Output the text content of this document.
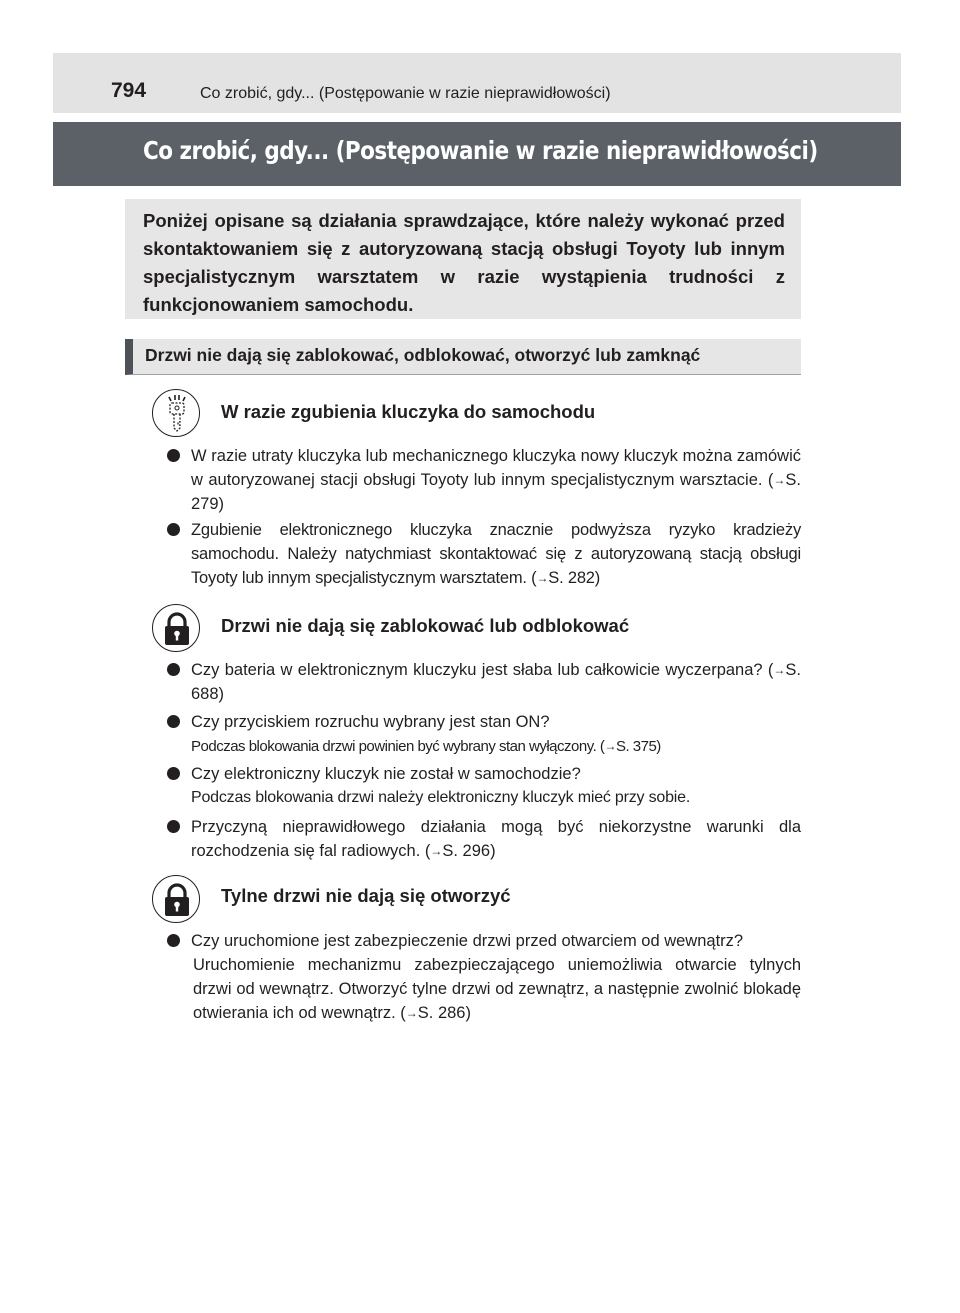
794	Co zrobić, gdy... (Postępowanie w razie nieprawidłowości)
Co zrobić, gdy... (Postępowanie w razie nieprawidłowości)

Poniżej opisane są działania sprawdzające, które należy wykonać przed skontaktowaniem się z autoryzowaną stacją obsługi Toyoty lub innym specjalistycznym warsztatem w razie wystąpienia trudności z funkcjonowaniem samochodu.

Drzwi nie dają się zablokować, odblokować, otworzyć lub zamknąć
W razie zgubienia kluczyka do samochodu

W razie utraty kluczyka lub mechanicznego kluczyka nowy kluczyk można zamówić w autoryzowanej stacji obsługi Toyoty lub innym specjalistycznym warsztacie. (→S. 279)

Zgubienie elektronicznego kluczyka znacznie podwyższa ryzyko kradzieży samochodu. Należy natychmiast skontaktować się z autoryzowaną stacją obsługi Toyoty lub innym specjalistycznym warsztatem. (→S. 282)

Drzwi nie dają się zablokować lub odblokować

Czy bateria w elektronicznym kluczyku jest słaba lub całkowicie wyczerpana? (→S. 688)

Czy przyciskiem rozruchu wybrany jest stan ON?

Podczas blokowania drzwi powinien być wybrany stan wyłączony. (→S. 375)

Czy elektroniczny kluczyk nie został w samochodzie?

Podczas blokowania drzwi należy elektroniczny kluczyk mieć przy sobie.

Przyczyną nieprawidłowego działania mogą być niekorzystne warunki dla rozchodzenia się fal radiowych. (→S. 296)

Tylne drzwi nie dają się otworzyć

Czy uruchomione jest zabezpieczenie drzwi przed otwarciem od wewnątrz?

Uruchomienie mechanizmu zabezpieczającego uniemożliwia otwarcie tylnych drzwi od wewnątrz. Otworzyć tylne drzwi od zewnątrz, a następnie zwolnić blokadę otwierania ich od wewnątrz. (→S. 286)
